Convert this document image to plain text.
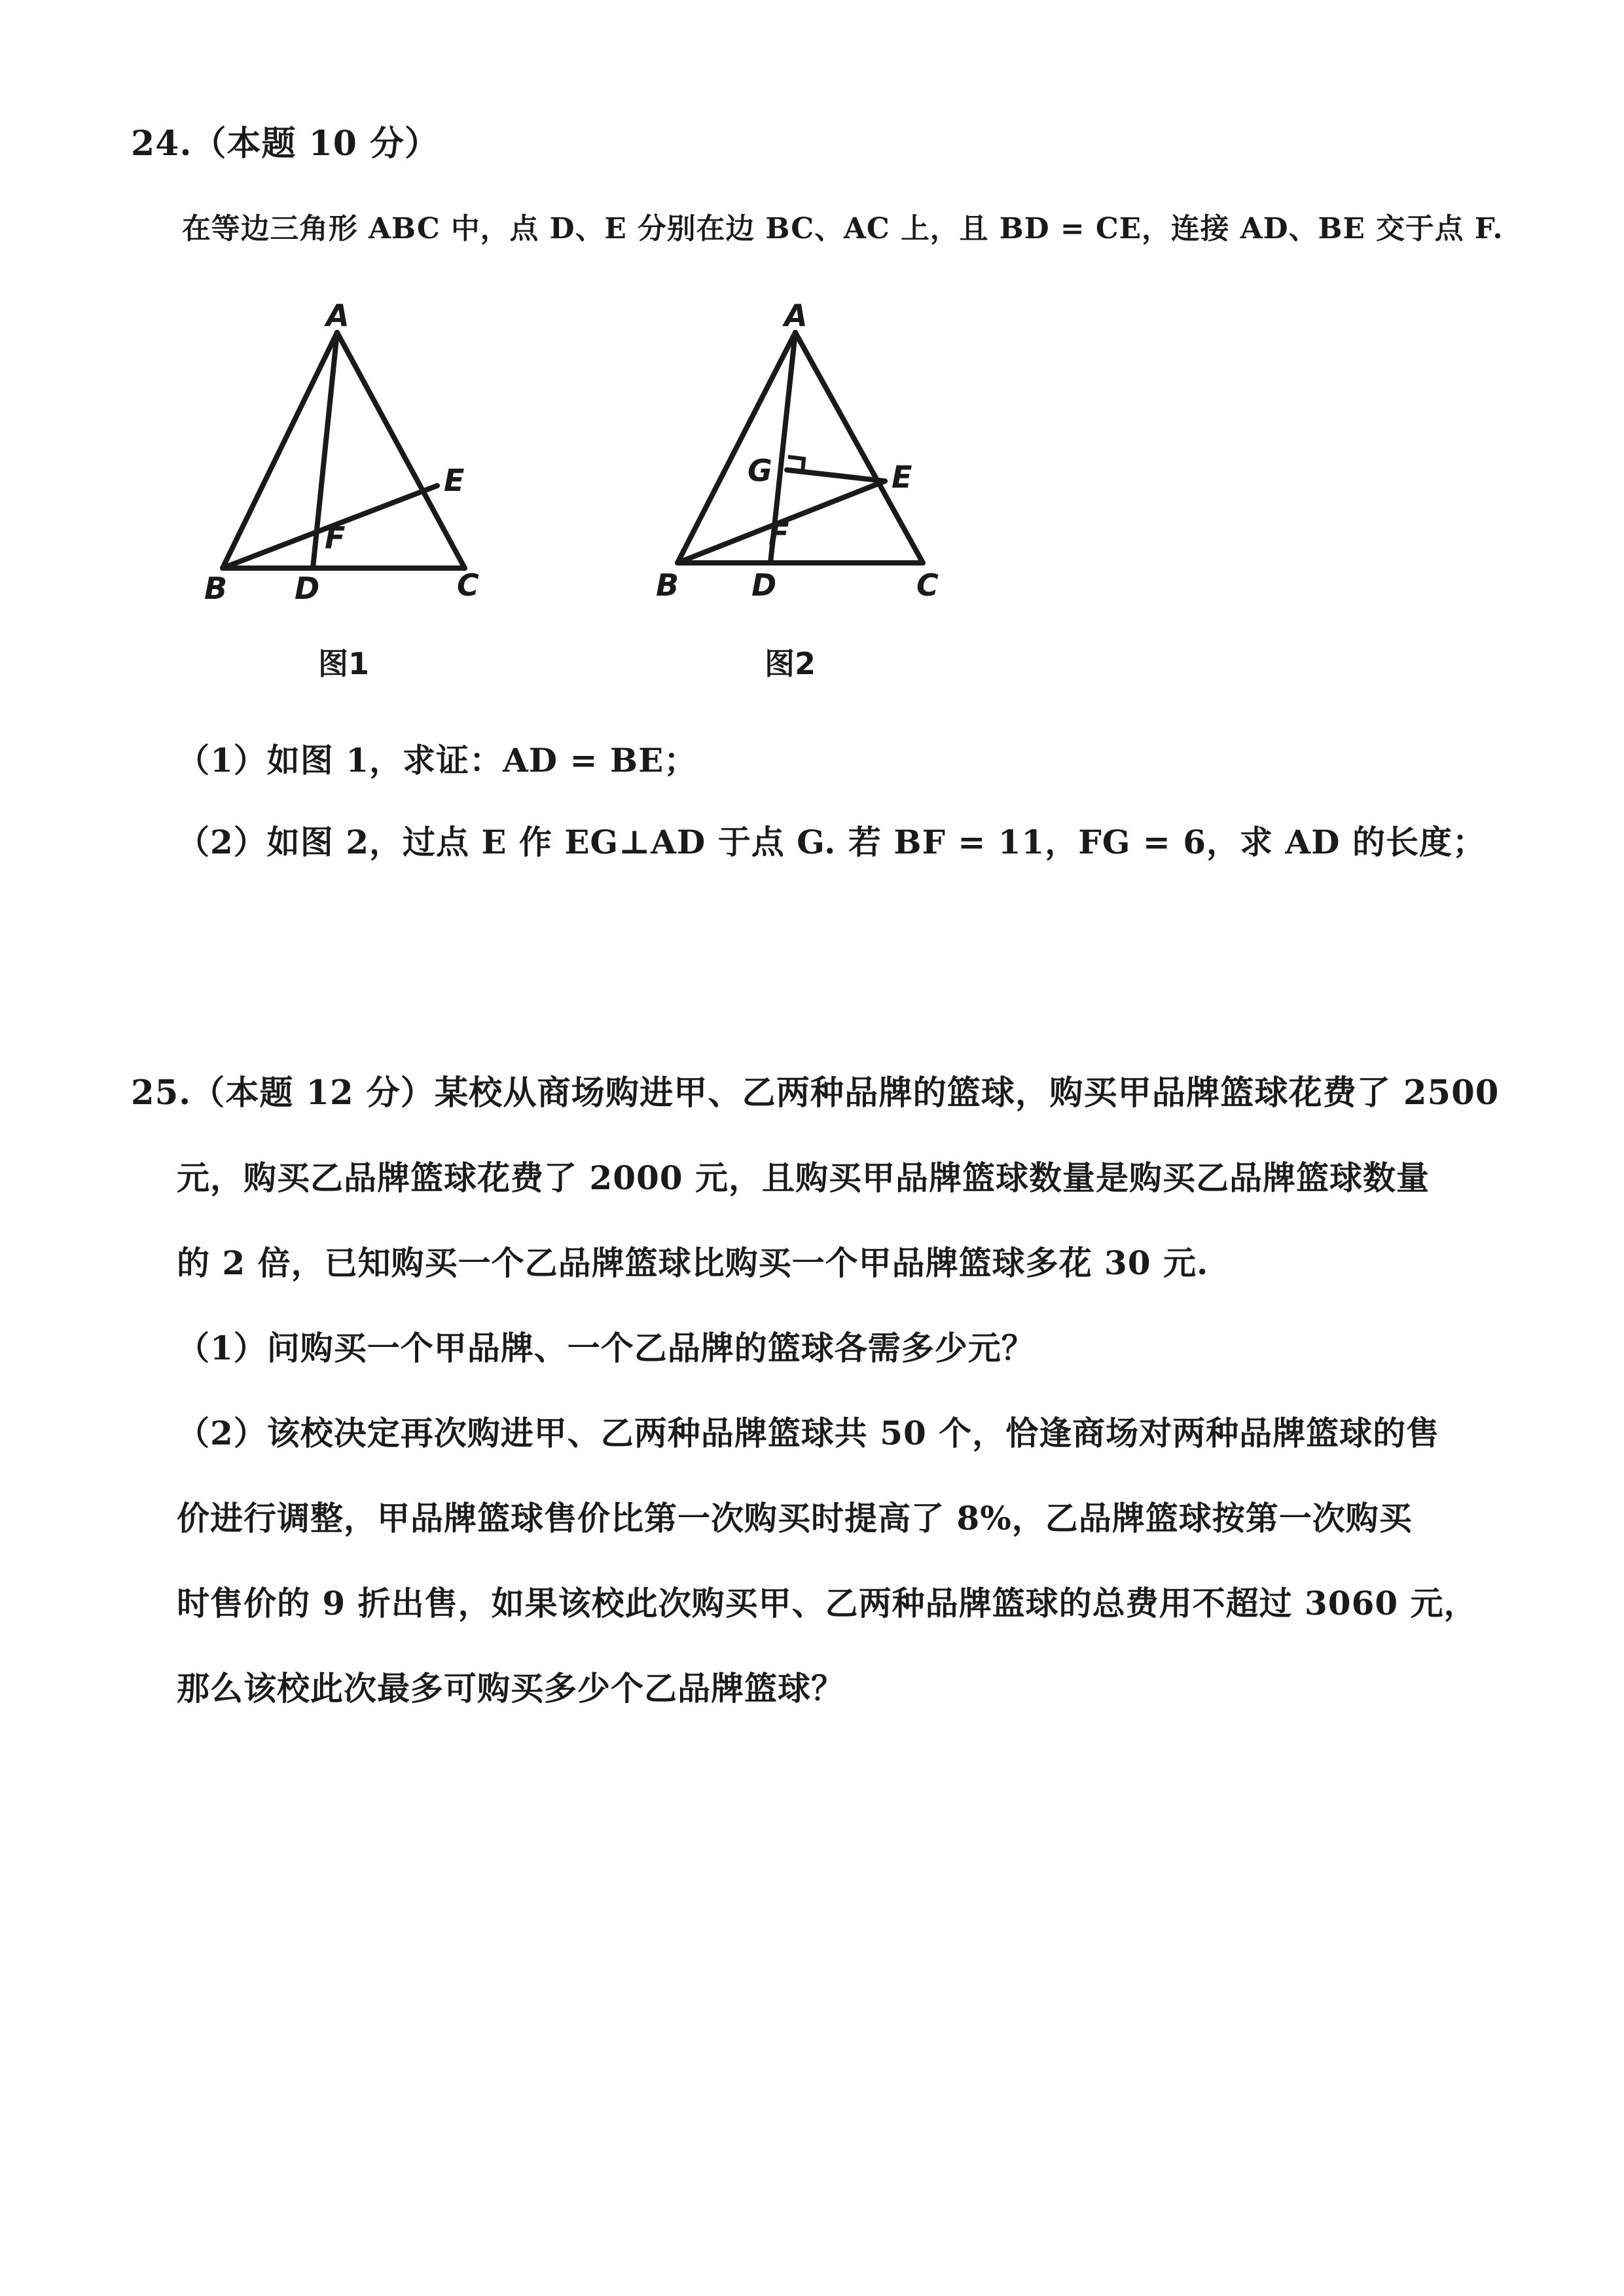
24.（本题 10 分）
在等边三角形 ABC 中，点 D、E 分别在边 BC、AC 上，且 BD = CE，连接 AD、BE 交于点 F.
A
B	C
D
E
F
图1
A
B	C
D
E
F
G
图2
（1）如图 1，求证：AD = BE；
（2）如图 2，过点 E 作 EG⊥AD 于点 G. 若 BF = 11，FG = 6，求 AD 的长度；
25.（本题 12 分）某校从商场购进甲、乙两种品牌的篮球，购买甲品牌篮球花费了 2500
元，购买乙品牌篮球花费了 2000 元，且购买甲品牌篮球数量是购买乙品牌篮球数量
的 2 倍，已知购买一个乙品牌篮球比购买一个甲品牌篮球多花 30 元.
（1）问购买一个甲品牌、一个乙品牌的篮球各需多少元？
（2）该校决定再次购进甲、乙两种品牌篮球共 50 个，恰逢商场对两种品牌篮球的售
价进行调整，甲品牌篮球售价比第一次购买时提高了 8%，乙品牌篮球按第一次购买
时售价的 9 折出售，如果该校此次购买甲、乙两种品牌篮球的总费用不超过 3060 元，
那么该校此次最多可购买多少个乙品牌篮球？
